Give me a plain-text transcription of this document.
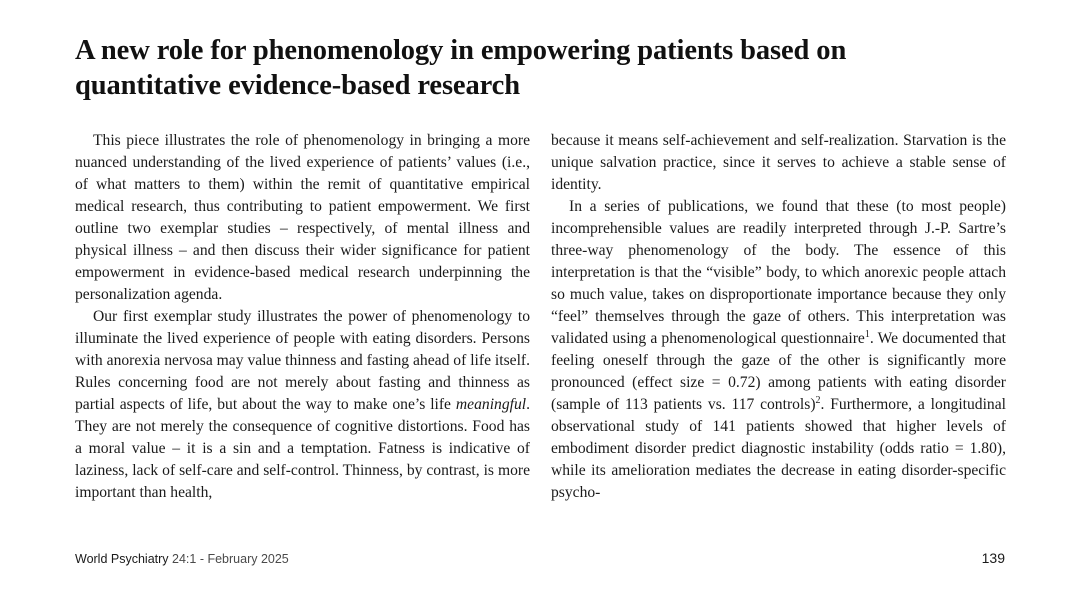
A new role for phenomenology in empowering patients based on quantitative evidence-based research

This piece illustrates the role of phenomenology in bringing a more nuanced understanding of the lived experience of patients’ values (i.e., of what matters to them) within the remit of quantitative empirical medical research, thus contributing to patient empowerment. We first outline two exemplar studies – respectively, of mental illness and physical illness – and then discuss their wider significance for patient empowerment in evidence-based medical research underpinning the personalization agenda.

Our first exemplar study illustrates the power of phenomenology to illuminate the lived experience of people with eating disorders. Persons with anorexia nervosa may value thinness and fasting ahead of life itself. Rules concerning food are not merely about fasting and thinness as partial aspects of life, but about the way to make one’s life meaningful. They are not merely the consequence of cognitive distortions. Food has a moral value – it is a sin and a temptation. Fatness is indicative of laziness, lack of self-care and self-control. Thinness, by contrast, is more important than health,

because it means self-achievement and self-realization. Starvation is the unique salvation practice, since it serves to achieve a stable sense of identity.

In a series of publications, we found that these (to most people) incomprehensible values are readily interpreted through J.-P. Sartre’s three-way phenomenology of the body. The essence of this interpretation is that the “visible” body, to which anorexic people attach so much value, takes on disproportionate importance because they only “feel” themselves through the gaze of others. This interpretation was validated using a phenomenological questionnaire$^1$. We documented that feeling oneself through the gaze of the other is significantly more pronounced (effect size = 0.72) among patients with eating disorder (sample of 113 patients vs. 117 controls)$^2$. Furthermore, a longitudinal observational study of 141 patients showed that higher levels of embodiment disorder predict diagnostic instability (odds ratio = 1.80), while its amelioration mediates the decrease in eating disorder-specific psycho-

World Psychiatry 24:1 - February 2025	139
